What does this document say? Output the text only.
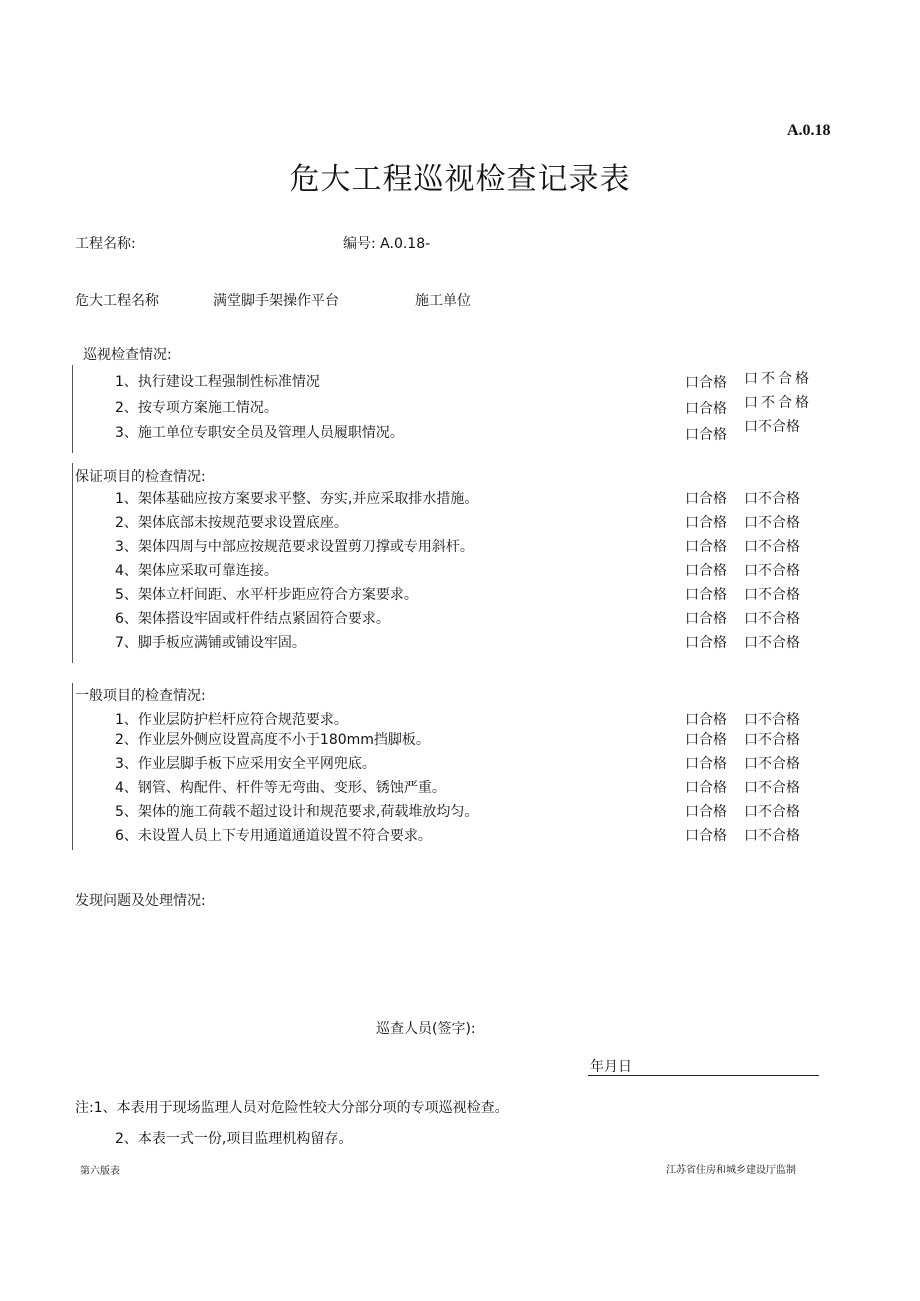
A.0.18
危大工程巡视检查记录表
工程名称:	编号: A.0.18-
危大工程名称	满堂脚手架操作平台	施工单位
巡视检查情况:
1、执行建设工程强制性标准情况	口合格 口不合格
2、按专项方案施工情况。	口合格 口不合格
3、施工单位专职安全员及管理人员履职情况。	口合格 口不合格
保证项目的检查情况:
1、架体基础应按方案要求平整、夯实,并应采取排水措施。	口合格 口不合格
2、架体底部未按规范要求设置底座。	口合格 口不合格
3、架体四周与中部应按规范要求设置剪刀撑或专用斜杆。	口合格 口不合格
4、架体应采取可靠连接。	口合格 口不合格
5、架体立杆间距、水平杆步距应符合方案要求。	口合格 口不合格
6、架体搭设牢固或杆件结点紧固符合要求。	口合格 口不合格
7、脚手板应满铺或铺设牢固。	口合格 口不合格
一般项目的检查情况:
1、作业层防护栏杆应符合规范要求。	口合格 口不合格
2、作业层外侧应设置高度不小于180mm挡脚板。	口合格 口不合格
3、作业层脚手板下应采用安全平网兜底。	口合格 口不合格
4、钢管、构配件、杆件等无弯曲、变形、锈蚀严重。	口合格 口不合格
5、架体的施工荷载不超过设计和规范要求,荷载堆放均匀。	口合格 口不合格
6、未设置人员上下专用通道通道设置不符合要求。	口合格 口不合格
发现问题及处理情况:
巡查人员(签字):
年月日
注:1、本表用于现场监理人员对危险性较大分部分项的专项巡视检查。
2、本表一式一份,项目监理机构留存。
第六版表	江苏省住房和城乡建设厅监制
